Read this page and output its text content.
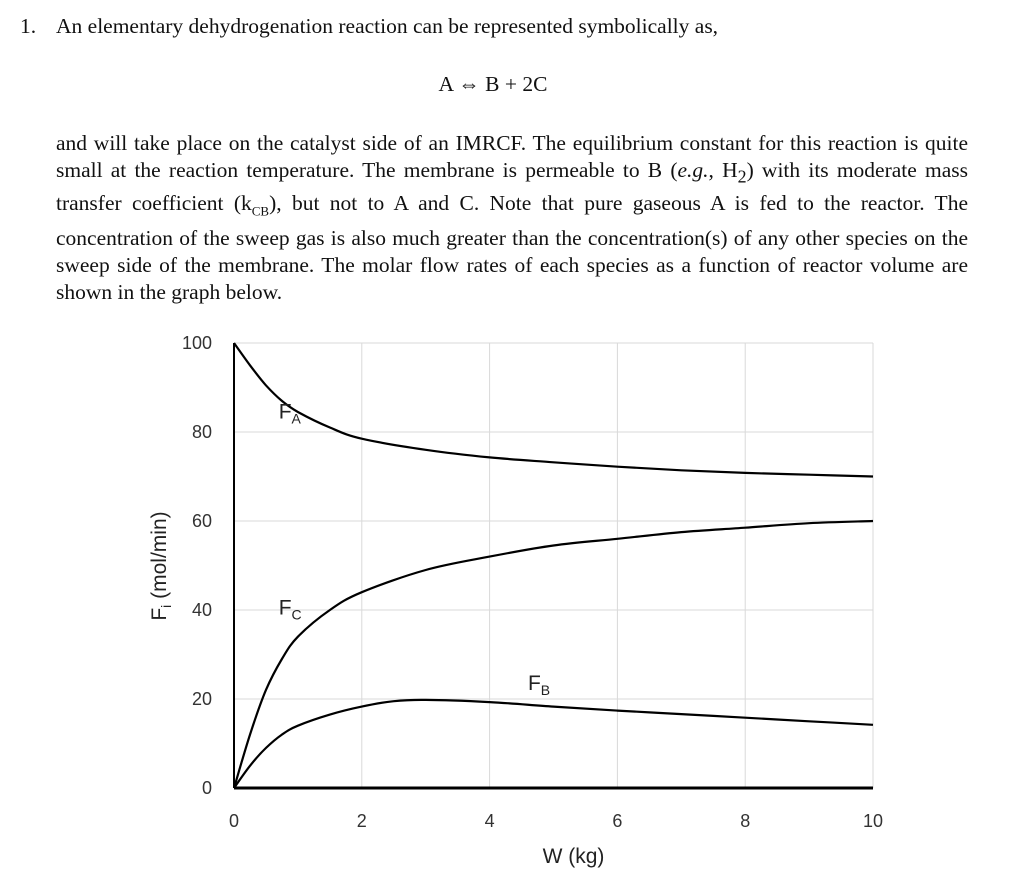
1. An elementary dehydrogenation reaction can be represented symbolically as,
A ⇔ B + 2C

and will take place on the catalyst side of an IMRCF. The equilibrium constant for this reaction is quite small at the reaction temperature. The membrane is permeable to B (e.g., $H_2$) with its moderate mass transfer coefficient $(k_{CB})$, but not to A and C. Note that pure gaseous A is fed to the reactor. The concentration of the sweep gas is also much greater than the concentration(s) of any other species on the sweep side of the membrane. The molar flow rates of each species as a function of reactor volume are shown in the graph below.

0	2	4	6	8	10
0
20
40
60
80
100
W (kg)
$F_i$ (mol/min)
$F_A$
$F_C$
$F_B$
